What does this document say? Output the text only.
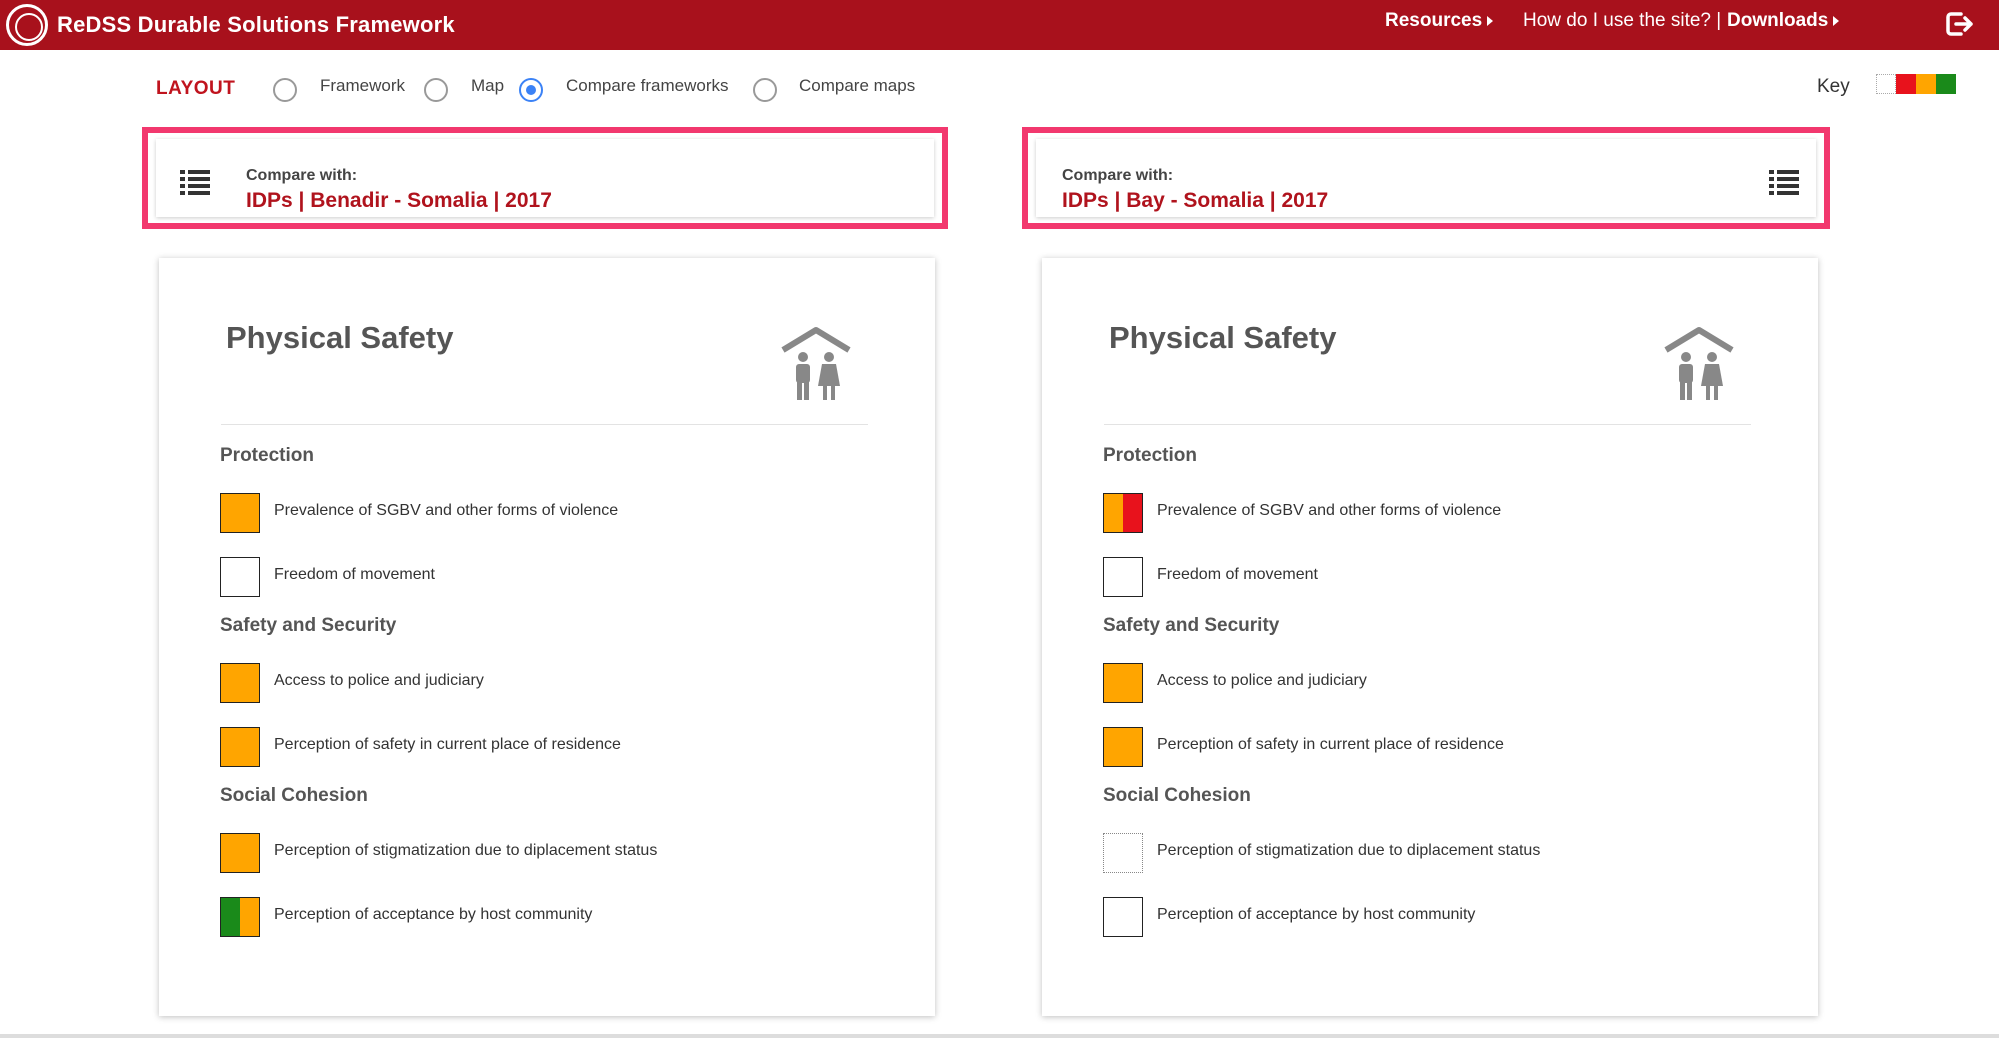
ReDSS Durable Solutions Framework	Resources	How do I use the site? | Downloads
LAYOUT	Framework	Map	Compare frameworks	Compare maps	Key
Compare with:
IDPs | Benadir - Somalia | 2017
Compare with:
IDPs | Bay - Somalia | 2017
Physical Safety
Protection
Prevalence of SGBV and other forms of violence
Freedom of movement
Safety and Security
Access to police and judiciary
Perception of safety in current place of residence
Social Cohesion
Perception of stigmatization due to diplacement status
Perception of acceptance by host community
Physical Safety
Protection
Prevalence of SGBV and other forms of violence
Freedom of movement
Safety and Security
Access to police and judiciary
Perception of safety in current place of residence
Social Cohesion
Perception of stigmatization due to diplacement status
Perception of acceptance by host community
